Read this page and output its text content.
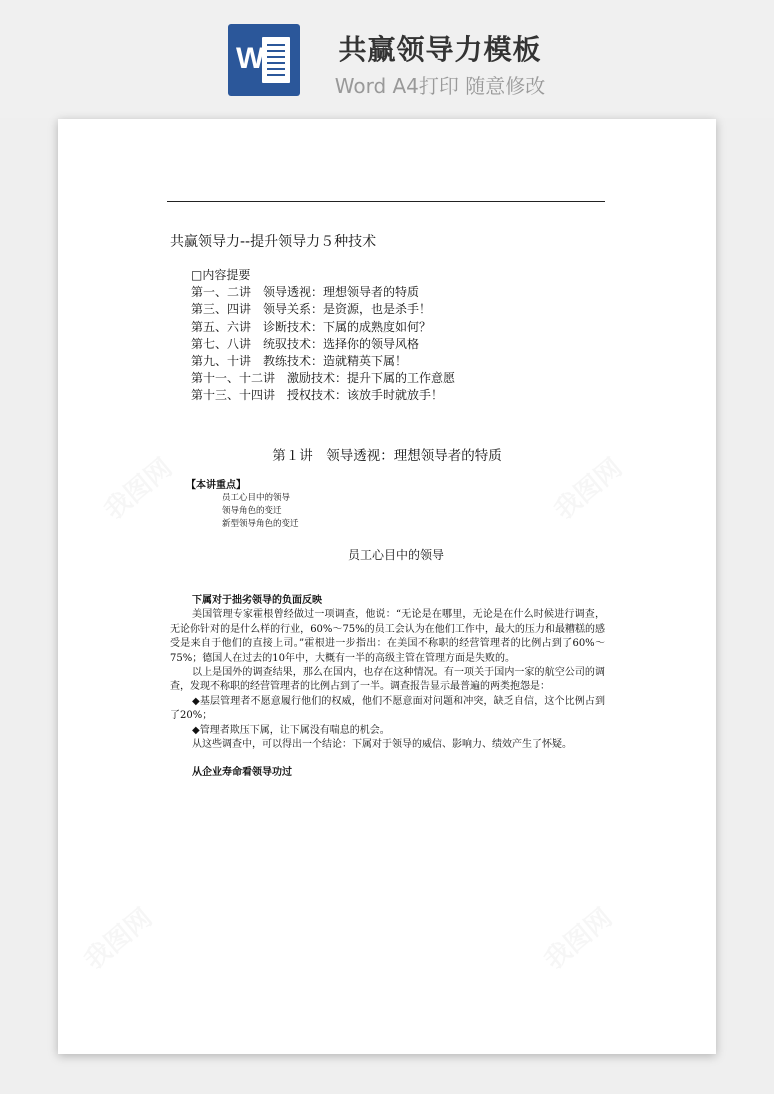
W	共赢领导力模板
Word A4打印 随意修改
共赢领导力--提升领导力５种技术
□内容提要
第一、二讲　领导透视：理想领导者的特质
第三、四讲　领导关系：是资源，也是杀手！
第五、六讲　诊断技术：下属的成熟度如何？
第七、八讲　统驭技术：选择你的领导风格
第九、十讲　教练技术：造就精英下属！
第十一、十二讲　激励技术：提升下属的工作意愿
第十三、十四讲　授权技术：该放手时就放手！
第１讲　领导透视：理想领导者的特质
【本讲重点】
员工心目中的领导
领导角色的变迁
新型领导角色的变迁
员工心目中的领导

下属对于拙劣领导的负面反映

美国管理专家霍根曾经做过一项调查，他说：“无论是在哪里，无论是在什么时候进行调查，无论你针对的是什么样的行业，60%～75%的员工会认为在他们工作中，最大的压力和最糟糕的感受是来自于他们的直接上司。”霍根进一步指出：在美国不称职的经营管理者的比例占到了60%～75%；德国人在过去的10年中，大概有一半的高级主管在管理方面是失败的。

以上是国外的调查结果，那么在国内，也存在这种情况。有一项关于国内一家的航空公司的调查，发现不称职的经营管理者的比例占到了一半。调查报告显示最普遍的两类抱怨是：

◆基层管理者不愿意履行他们的权威，他们不愿意面对问题和冲突，缺乏自信，这个比例占到了20%；

◆管理者欺压下属，让下属没有喘息的机会。

从这些调查中，可以得出一个结论：下属对于领导的威信、影响力、绩效产生了怀疑。

从企业寿命看领导功过
